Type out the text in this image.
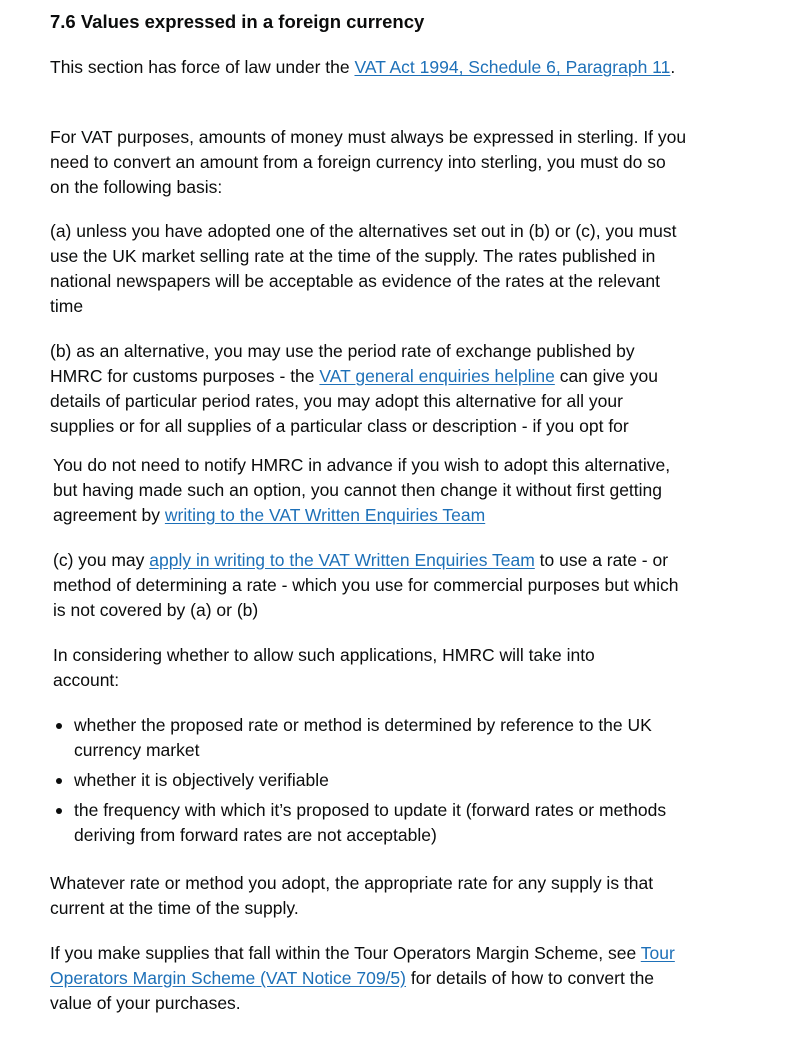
7.6 Values expressed in a foreign currency

This section has force of law under the VAT Act 1994, Schedule 6, Paragraph 11.

For VAT purposes, amounts of money must always be expressed in sterling. If you need to convert an amount from a foreign currency into sterling, you must do so on the following basis:

(a) unless you have adopted one of the alternatives set out in (b) or (c), you must use the UK market selling rate at the time of the supply. The rates published in national newspapers will be acceptable as evidence of the rates at the relevant time

(b) as an alternative, you may use the period rate of exchange published by HMRC for customs purposes - the VAT general enquiries helpline can give you details of particular period rates, you may adopt this alternative for all your supplies or for all supplies of a particular class or description - if you opt for

You do not need to notify HMRC in advance if you wish to adopt this alternative, but having made such an option, you cannot then change it without first getting agreement by writing to the VAT Written Enquiries Team

(c) you may apply in writing to the VAT Written Enquiries Team to use a rate - or method of determining a rate - which you use for commercial purposes but which is not covered by (a) or (b)

In considering whether to allow such applications, HMRC will take into account:

whether the proposed rate or method is determined by reference to the UK currency market
whether it is objectively verifiable
the frequency with which it’s proposed to update it (forward rates or methods deriving from forward rates are not acceptable)

Whatever rate or method you adopt, the appropriate rate for any supply is that current at the time of the supply.

If you make supplies that fall within the Tour Operators Margin Scheme, see Tour Operators Margin Scheme (VAT Notice 709/5) for details of how to convert the value of your purchases.
